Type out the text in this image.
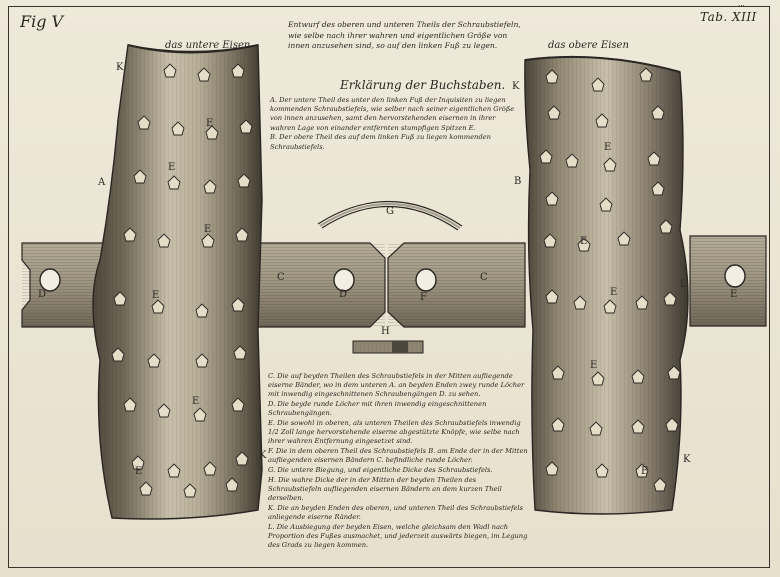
Fig V	Tab. XIII
...
das untere Eisen	das obere Eisen
Entwurf des oberen und unteren Theils der Schraubstiefeln, wie selbe nach ihrer wahren und eigentlichen Größe von innen anzusehen sind, so auf den linken Fuß zu legen.
Erklärung der Buchstaben.

A. Der untere Theil des unter den linken Fuß der Inquisiten zu liegen kommenden Schraubstiefels, wie selber nach seiner eigentlichen Größe von innen anzusehen, samt den hervorstehenden eisernen in ihrer wahren Lage von einander entfernten stumpfigen Spitzen E.

B. Der obere Theil des auf dem linken Fuß zu liegen kommenden Schraubstiefels.

C. Die auf beyden Theilen des Schraubstiefels in der Mitten aufliegende eiserne Bänder, wo in dem unteren A. an beyden Enden zwey runde Löcher mit inwendig eingeschnittenen Schraubengängen D. zu sehen.

D. Die beyde runde Löcher mit ihren inwendig eingeschnittenen Schraubengängen.

E. Die sowohl in oberen, als unteren Theilen des Schraubstiefels inwendig 1/2 Zoll lange hervorstehende eiserne abgestützte Knöpfe, wie selbe nach ihrer wahren Entfernung eingesetzet sind.

F. Die in dem oberen Theil des Schraubstiefels B. am Ende der in der Mitten aufliegenden eisernen Bändern C. befindliche runde Löcher.

G. Die untere Biegung, und eigentliche Dicke des Schraubstiefels.

H. Die wahre Dicke der in der Mitten der beyden Theilen des Schraubstiefeln aufliegenden eisernen Bändern an dem kurzen Theil derselben.

K. Die an beyden Enden des oberen, und unteren Theil des Schraubstiefels anliegende eiserne Ränder.

L. Die Ausbiegung der beyden Eisen, welche gleichsam den Wadl nach Proportion des Fußes ausmachet, und jederzeit auswärts biegen, im Legung des Grads zu liegen kommen.

A
K
K
E
E
E
E
E
E
D	D
C	C
G
H
F	E
B
K
K
L
E
E
E
E
E
